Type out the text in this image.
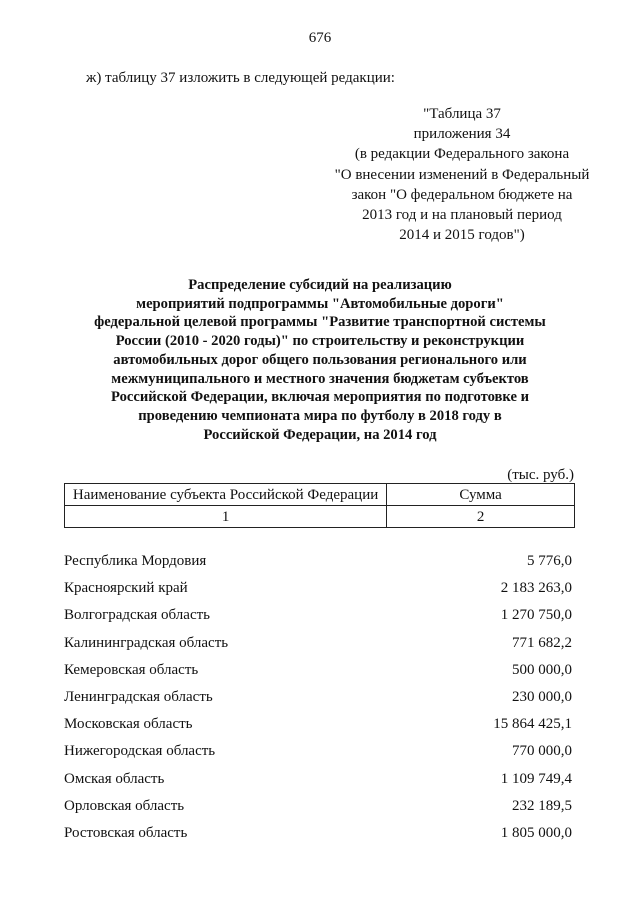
676
ж) таблицу 37 изложить в следующей редакции:
"Таблица 37
приложения 34
(в редакции Федерального закона
"О внесении изменений в Федеральный
закон "О федеральном бюджете на
2013 год и на плановый период
2014 и 2015 годов")
Распределение субсидий на реализацию
мероприятий подпрограммы "Автомобильные дороги"
федеральной целевой программы "Развитие транспортной системы
России (2010 - 2020 годы)" по строительству и реконструкции
автомобильных дорог общего пользования регионального или
межмуниципального и местного значения бюджетам субъектов
Российской Федерации, включая мероприятия по подготовке и
проведению чемпионата мира по футболу в 2018 году в
Российской Федерации, на 2014 год
(тыс. руб.)
Наименование субъекта Российской Федерации	Сумма
1	2
Республика Мордовия	5 776,0
Красноярский край	2 183 263,0
Волгоградская область	1 270 750,0
Калининградская область	771 682,2
Кемеровская область	500 000,0
Ленинградская область	230 000,0
Московская область	15 864 425,1
Нижегородская область	770 000,0
Омская область	1 109 749,4
Орловская область	232 189,5
Ростовская область	1 805 000,0
